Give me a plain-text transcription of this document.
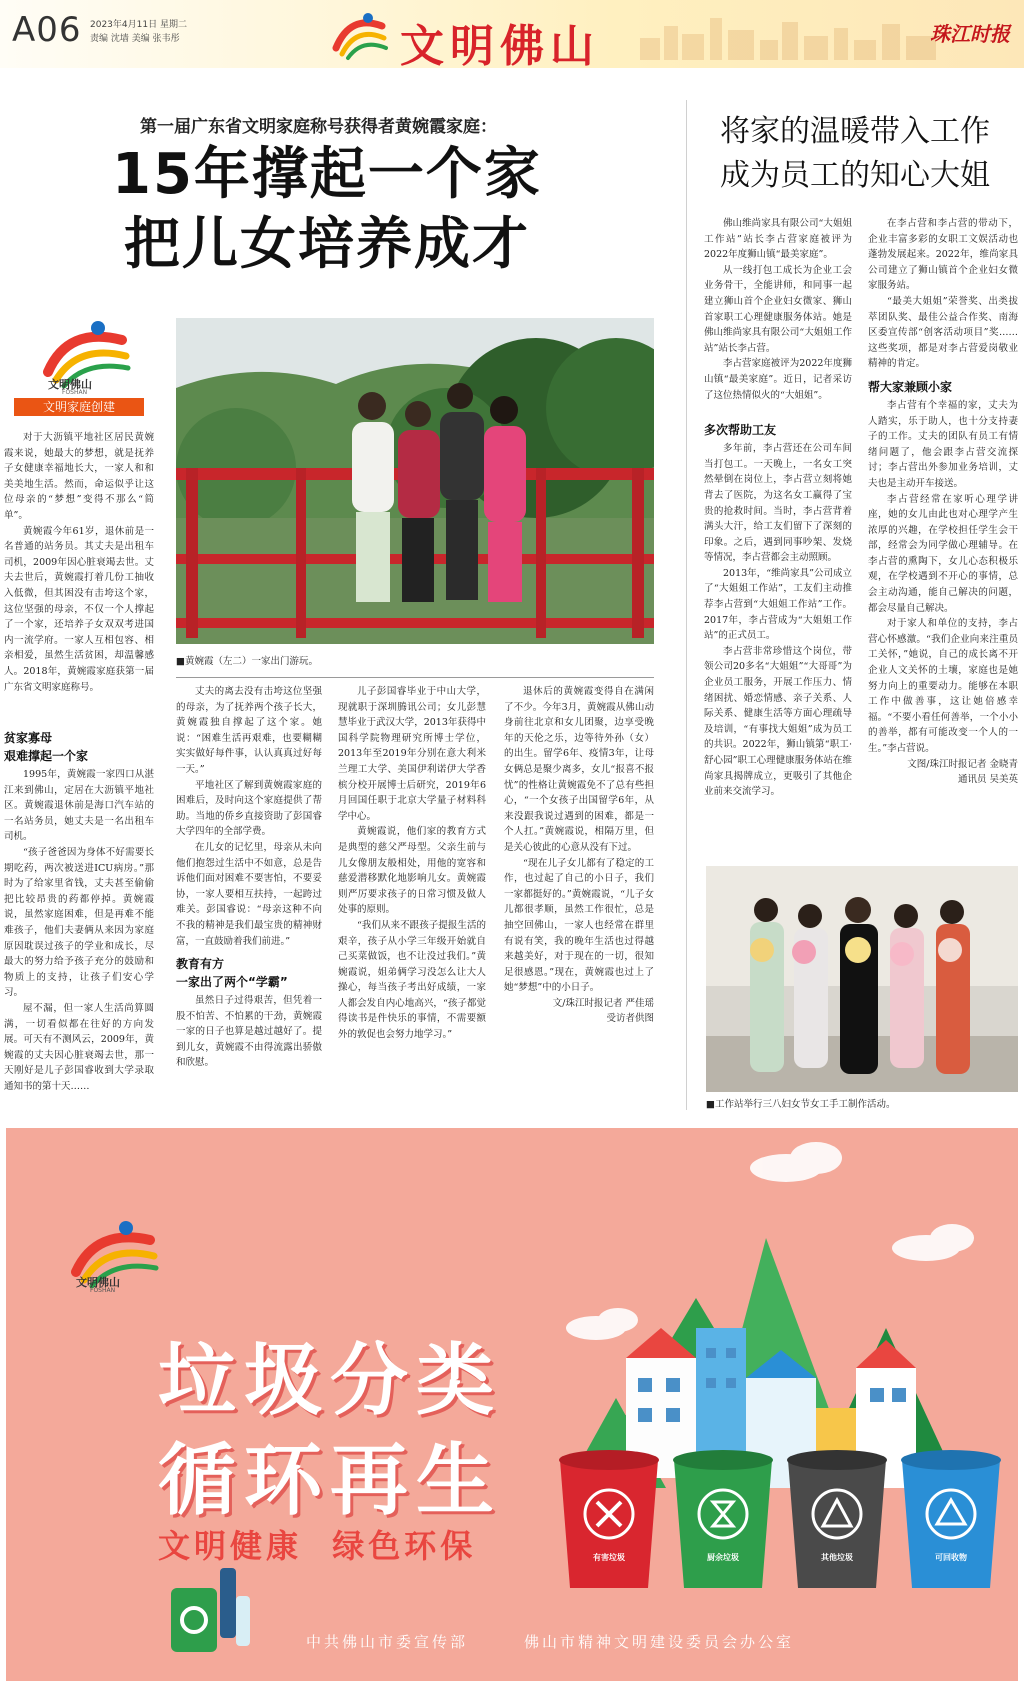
A06 2023年4月11日 星期二
责编 沈墙 美编 张韦彤	文明佛山	珠江时报
第一届广东省文明家庭称号获得者黄婉霞家庭：
15年撑起一个家
把儿女培养成才
文明佛山
FOSHAN
文明家庭创建
■黄婉霞（左二）一家出门游玩。

对于大沥镇平地社区居民黄婉霞来说，她最大的梦想，就是抚养子女健康幸福地长大，一家人和和美美地生活。然而，命运似乎让这位母亲的“梦想”变得不那么“简单”。

黄婉霞今年61岁，退休前是一名普通的站务员。其丈夫是出租车司机，2009年因心脏衰竭去世。丈夫去世后，黄婉霞打着几份工抽收入低微，但其困没有击垮这个家，这位坚强的母亲，不仅一个人撑起了一个家，还培养子女双双考进国内一流学府。一家人互相包容、相亲相爱，虽然生活贫困，却温馨感人。2018年，黄婉霞家庭获第一届广东省文明家庭称号。

贫家寡母
艰难撑起一个家

1995年，黄婉霞一家四口从湛江来到佛山，定居在大沥镇平地社区。黄婉霞退休前是海口汽车站的一名站务员，她丈夫是一名出租车司机。

“孩子爸爸因为身体不好需要长期吃药，两次被送进ICU病房。”那时为了给家里省钱，丈夫甚至偷偷把比较昂贵的药都停掉。黄婉霞说，虽然家庭困难，但是再难不能难孩子，他们夫妻俩从来因为家庭原因耽误过孩子的学业和成长，尽最大的努力给予孩子充分的鼓励和物质上的支持，让孩子们安心学习。

屋不漏，但一家人生活尚算圆满，一切看似都在往好的方向发展。可天有不测风云，2009年，黄婉霞的丈夫因心脏衰竭去世，那一天刚好是儿子彭国睿收到大学录取通知书的第十天……

丈夫的离去没有击垮这位坚强的母亲，为了抚养两个孩子长大，黄婉霞独自撑起了这个家。她说：“困难生活再艰难，也要糊糊实实做好每件事，认认真真过好每一天。”

平地社区了解到黄婉霞家庭的困难后，及时向这个家庭提供了帮助。当地的侨乡直接资助了彭国睿大学四年的全部学费。

在儿女的记忆里，母亲从未向他们抱怨过生活中不如意，总是告诉他们面对困难不要害怕，不要妥协，一家人要相互扶持，一起跨过难关。彭国睿说：“母亲这种不向不我的精神是我们最宝贵的精神财富，一直鼓励着我们前进。”

教育有方
一家出了两个“学霸”

虽然日子过得艰苦，但凭着一股不怕苦、不怕累的干劲，黄婉霞一家的日子也算是越过越好了。提到儿女，黄婉霞不由得流露出骄傲和欣慰。

儿子彭国睿毕业于中山大学，现就职于深圳腾讯公司；女儿彭慧慧毕业于武汉大学，2013年获得中国科学院物理研究所博士学位，2013年至2019年分别在意大利米兰理工大学、美国伊利诺伊大学香槟分校开展博士后研究，2019年6月回国任职于北京大学量子材料科学中心。

黄婉霞说，他们家的教育方式是典型的慈父严母型。父亲生前与儿女像朋友般相处，用他的宽容和慈爱潜移默化地影响儿女。黄婉霞则严厉要求孩子的日常习惯及做人处事的原则。

“我们从来不跟孩子提报生活的艰辛，孩子从小学三年级开始就自己买菜做饭，也不让没过我们。”黄婉霞说，姐弟俩学习没怎么让大人操心，每当孩子考出好成绩，一家人都会发自内心地高兴，“孩子都觉得读书是件快乐的事情，不需要额外的敦促也会努力地学习。”

退休后的黄婉霞变得自在满闲了不少。今年3月，黄婉霞从佛山动身前往北京和女儿团聚，边享受晚年的天伦之乐，边等待外孙（女）的出生。留学6年、疫情3年，让母女俩总是聚少离多，女儿“报喜不报忧”的性格让黄婉霞免不了总有些担心，“一个女孩子出国留学6年，从来没跟我说过遇到的困难，都是一个人扛。”黄婉霞说，相隔万里，但是关心彼此的心意从没有下过。

“现在儿子女儿都有了稳定的工作，也过起了自己的小日子，我们一家都挺好的。”黄婉霞说，“儿子女儿都很孝顺，虽然工作很忙，总是抽空回佛山，一家人也经常在群里有说有笑，我的晚年生活也过得越来越美好，对于现在的一切，很知足很感恩。”现在，黄婉霞也过上了她“梦想”中的小日子。

文/珠江时报记者 严佳瑶
受访者供图
将家的温暖带入工作
成为员工的知心大姐

佛山维尚家具有限公司“大姐姐工作站”站长李占营家庭被评为2022年度狮山镇“最美家庭”。

从一线打包工成长为企业工会业务骨干，全能讲师，和同事一起建立狮山首个企业妇女微家、狮山首家职工心理健康服务体站。她是佛山维尚家具有限公司“大姐姐工作站”站长李占营。

李占营家庭被评为2022年度狮山镇“最美家庭”。近日，记者采访了这位热情似火的“大姐姐”。

多次帮助工友

多年前，李占营还在公司车间当打包工。一天晚上，一名女工突然晕倒在岗位上，李占营立刻将她背去了医院，为这名女工赢得了宝贵的抢救时间。当时，李占营背着满头大汗，给工友们留下了深刻的印象。之后，遇到同事吵架、发烧等情况，李占营都会主动照顾。

2013年，“维尚家具”公司成立了“大姐姐工作站”，工友们主动推荐李占营到“大姐姐工作站”工作。2017年，李占营成为“大姐姐工作站”的正式员工。

李占营非常珍惜这个岗位，带领公司20多名“大姐姐”“大哥哥”为企业员工服务，开展工作压力、情绪困扰、婚恋情感、亲子关系、人际关系、健康生活等方面心理疏导及培训，“有事找大姐姐”成为员工的共识。2022年，狮山镇第“职工·舒心园”职工心理健康服务体站在维尚家具揭牌成立，更吸引了其他企业前来交流学习。

在李占营和李占营的带动下，企业丰富多彩的女职工文娱活动也蓬勃发展起来。2022年，维尚家具公司建立了狮山镇首个企业妇女微家服务站。

“最美大姐姐”荣誉奖、出类拔萃团队奖、最佳公益合作奖、南海区委宣传部“创客活动项目”奖……这些奖项，都是对李占营爱岗敬业精神的肯定。

帮大家兼顾小家

李占营有个幸福的家，丈夫为人踏实，乐于助人，也十分支持妻子的工作。丈夫的团队有员工有情绪问题了，他会跟李占营交流探讨；李占营出外参加业务培训，丈夫也是主动开车接送。

李占营经常在家听心理学讲座，她的女儿由此也对心理学产生浓厚的兴趣，在学校担任学生会干部，经常会为同学做心理辅导。在李占营的熏陶下，女儿心态积极乐观，在学校遇到不开心的事情，总会主动沟通，能自己解决的问题，都会尽量自己解决。

对于家人和单位的支持，李占营心怀感激。“我们企业向来注重员工关怀，”她说，自己的成长离不开企业人文关怀的土壤，家庭也是她努力向上的重要动力。能够在本职工作中做善事，这让她倍感幸福。“不要小看任何善举，一个小小的善举，都有可能改变一个人的一生。”李占营说。

文图/珠江时报记者 金晓青
通讯员 吴美英
■工作站举行三八妇女节女工手工制作活动。
有害垃圾	厨余垃圾	其他垃圾	可回收物
文明佛山
FOSHAN
垃圾分类
循环再生
文明健康  绿色环保
中共佛山市委宣传部	佛山市精神文明建设委员会办公室
